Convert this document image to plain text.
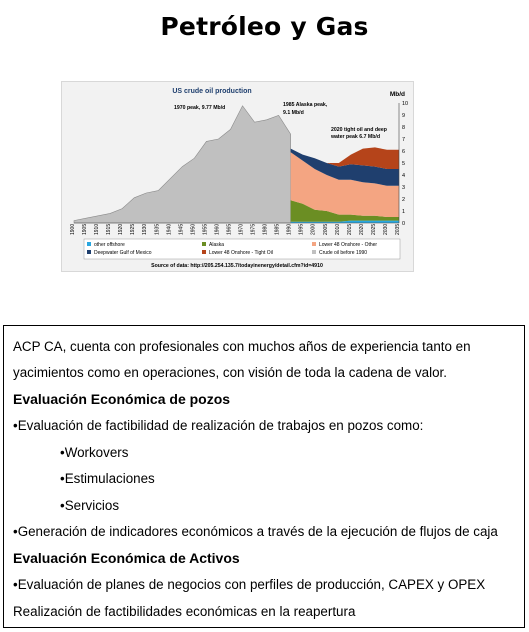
Petróleo y Gas
US crude oil production	Mb/d
0
1
2
3
4
5
6
7
8
9
10
1900 1905 1910 1915 1920 1925 1930 1935 1940 1945 1950 1955 1960 1965 1970 1975 1980 1985 1990 1995 2000 2005 2010 2015 2020 2025 2030 2035
1970 peak, 9.77 Mb/d	1985 Alaska peak,
9.1 Mb/d
2020 tight oil and deep
water peak 6.7 Mb/d
other offshore	Alaska	Lower 48 Onshore - Other
Deepwater Gulf of Mexico	Lower 48 Onshore - Tight Oil	Crude oil before 1990
Source of data: http://205.254.135.7/todayinenergy/detail.cfm?id=4910
ACP CA, cuenta con profesionales con muchos años de experiencia tanto en
yacimientos como en operaciones, con visión de toda la cadena de valor.
Evaluación Económica de pozos
•Evaluación de factibilidad de realización de trabajos en pozos como:
•Workovers
•Estimulaciones
•Servicios
•Generación de indicadores económicos a través de la ejecución de flujos de caja
Evaluación Económica de Activos
•Evaluación de planes de negocios con perfiles de producción, CAPEX y OPEX
Realización de factibilidades económicas en la reapertura
